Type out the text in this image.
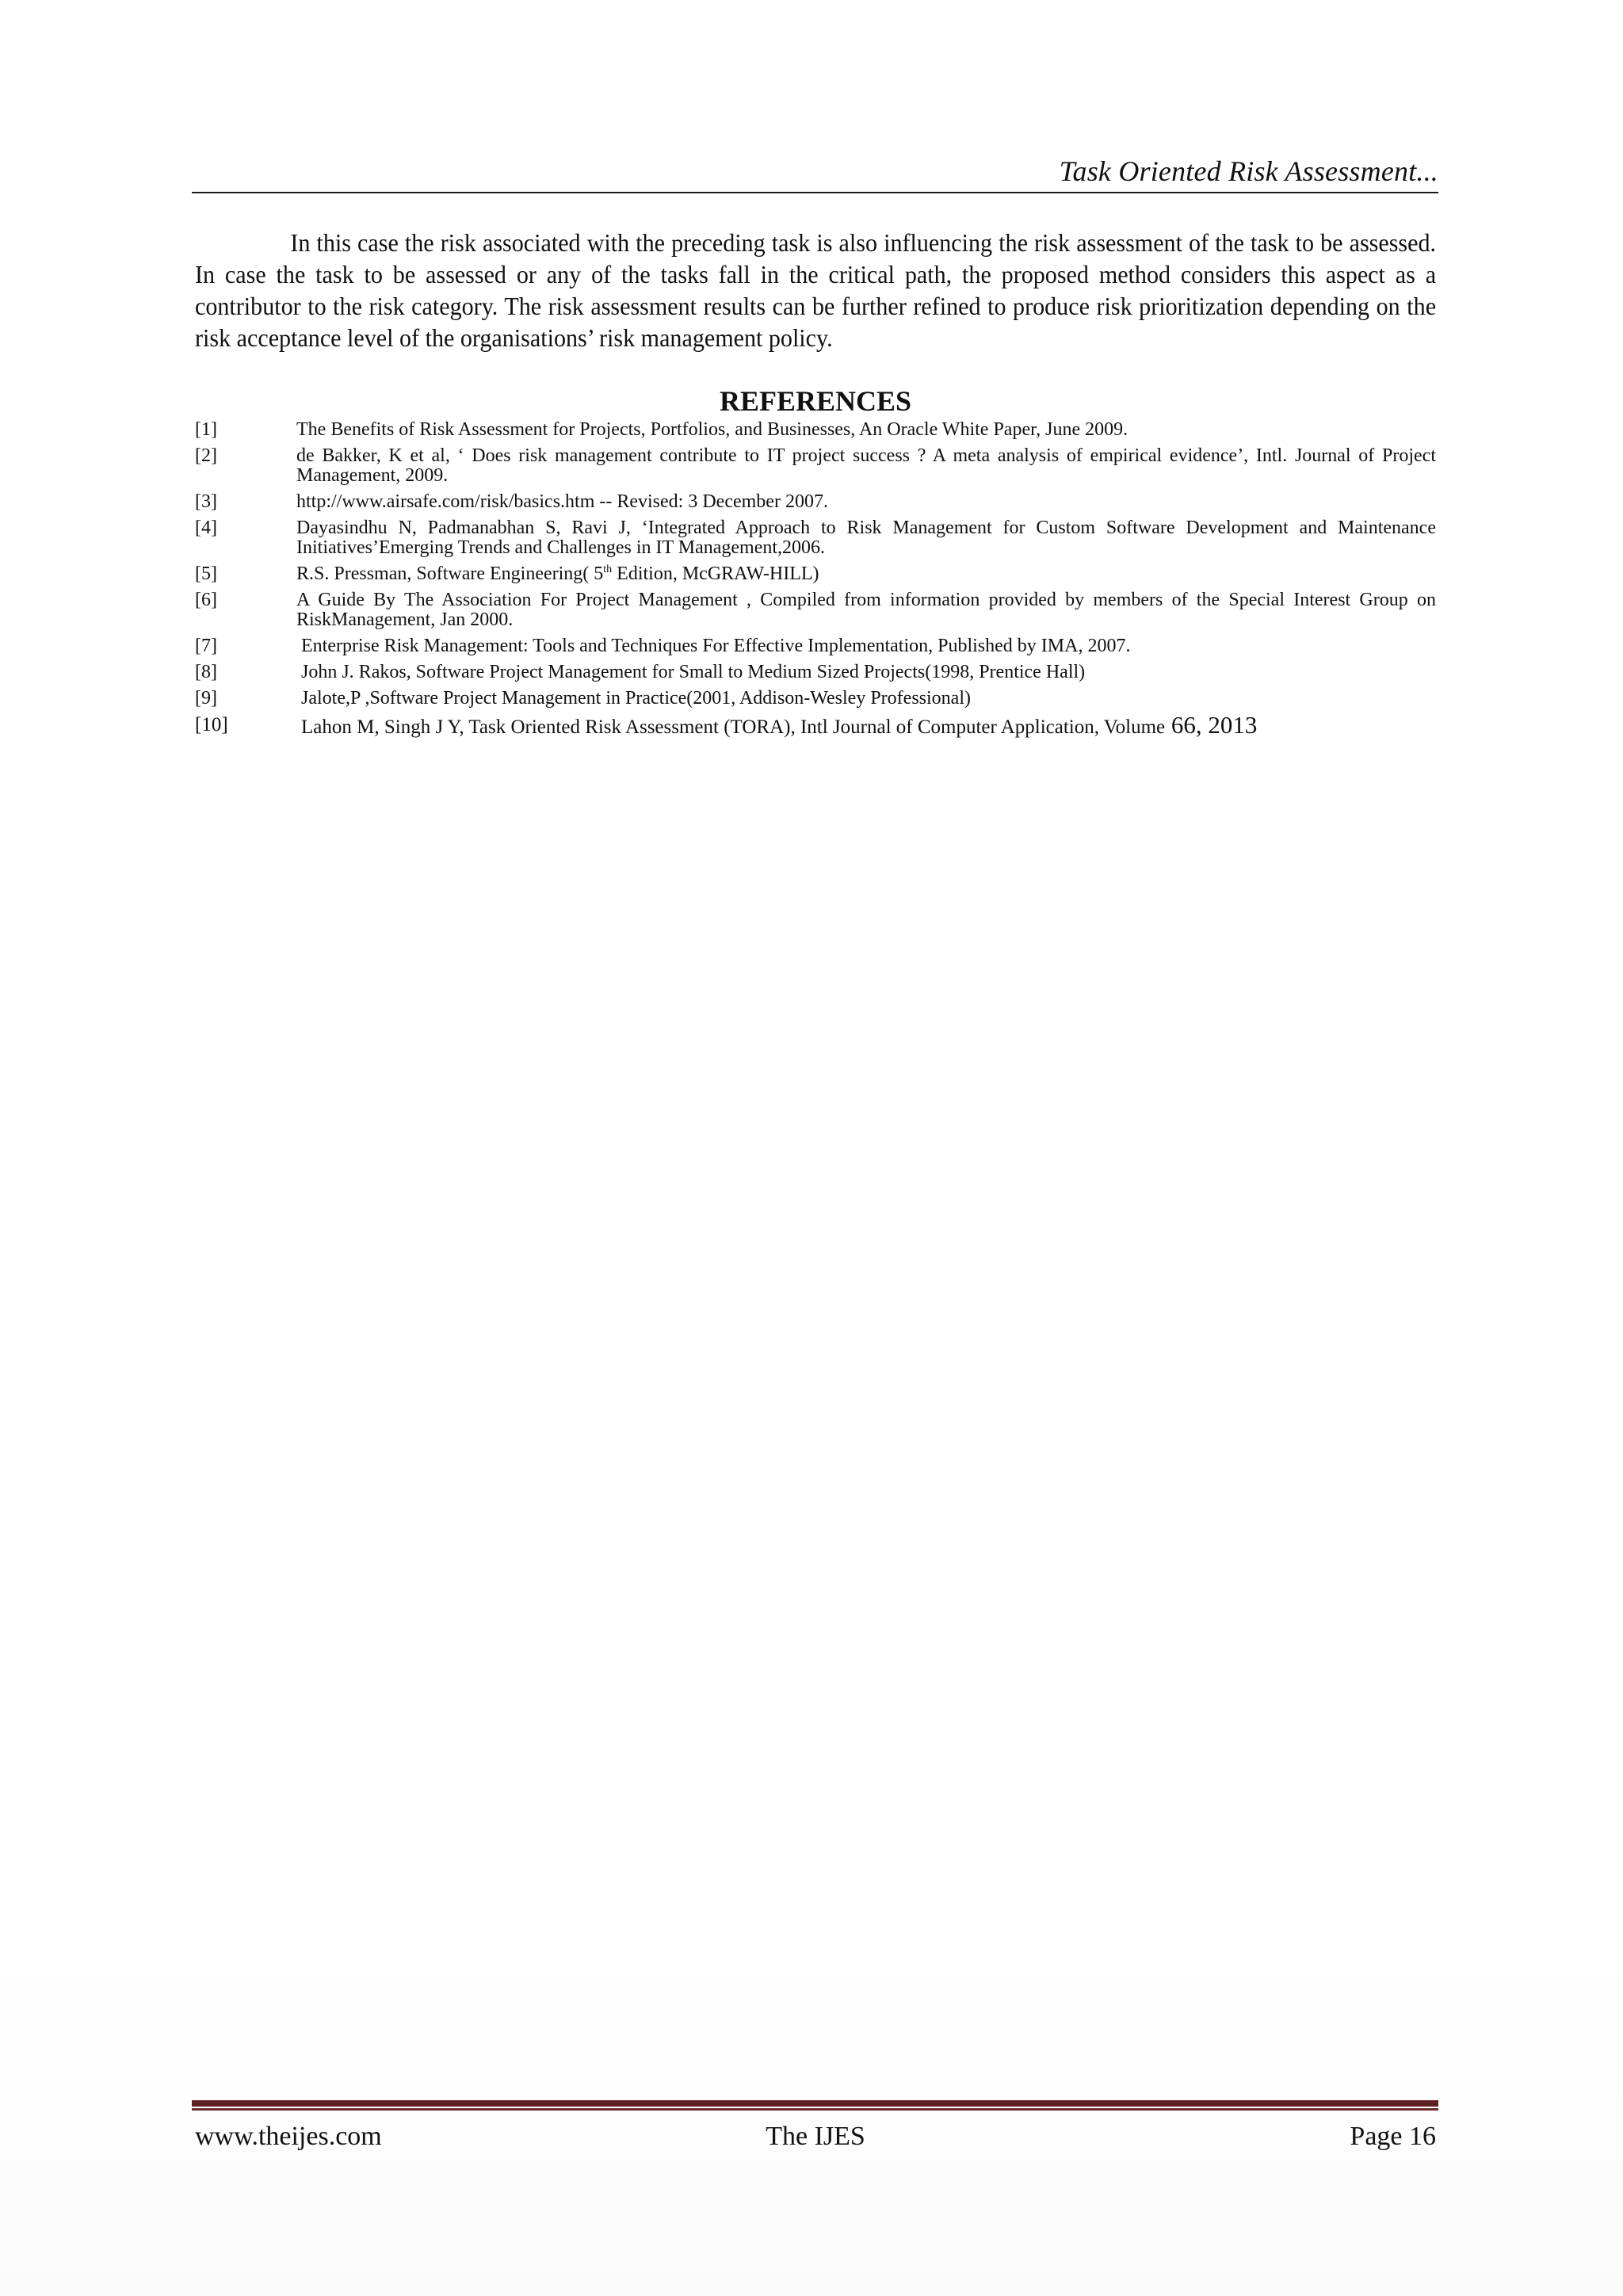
Task Oriented Risk Assessment...

In this case the risk associated with the preceding task is also influencing the risk assessment of the task to be assessed. In case the task to be assessed or any of the tasks fall in the critical path, the proposed method considers this aspect as a contributor to the risk category. The risk assessment results can be further refined to produce risk prioritization depending on the risk acceptance level of the organisations’ risk management policy.

REFERENCES
[1]	The Benefits of Risk Assessment for Projects, Portfolios, and Businesses, An Oracle White Paper, June 2009.
[2]	de Bakker, K et al, ‘ Does risk management contribute to IT project success ? A meta analysis of empirical evidence’, Intl. Journal of Project Management, 2009.
[3]	http://www.airsafe.com/risk/basics.htm -- Revised: 3 December 2007.
[4]	Dayasindhu N, Padmanabhan S, Ravi J, ‘Integrated Approach to Risk Management for Custom Software Development and Maintenance Initiatives’Emerging Trends and Challenges in IT Management,2006.
[5]	R.S. Pressman, Software Engineering( 5th Edition, McGRAW-HILL)
[6]	A Guide By The Association For Project Management , Compiled from information provided by members of the Special Interest Group on RiskManagement, Jan 2000.
[7]	Enterprise Risk Management: Tools and Techniques For Effective Implementation, Published by IMA, 2007.
[8]	John J. Rakos, Software Project Management for Small to Medium Sized Projects(1998, Prentice Hall)
[9]	Jalote,P ,Software Project Management in Practice(2001, Addison-Wesley Professional)
[10]	Lahon M, Singh J Y, Task Oriented Risk Assessment (TORA), Intl Journal of Computer Application, Volume 66, 2013
www.theijes.com	The IJES	Page 16
